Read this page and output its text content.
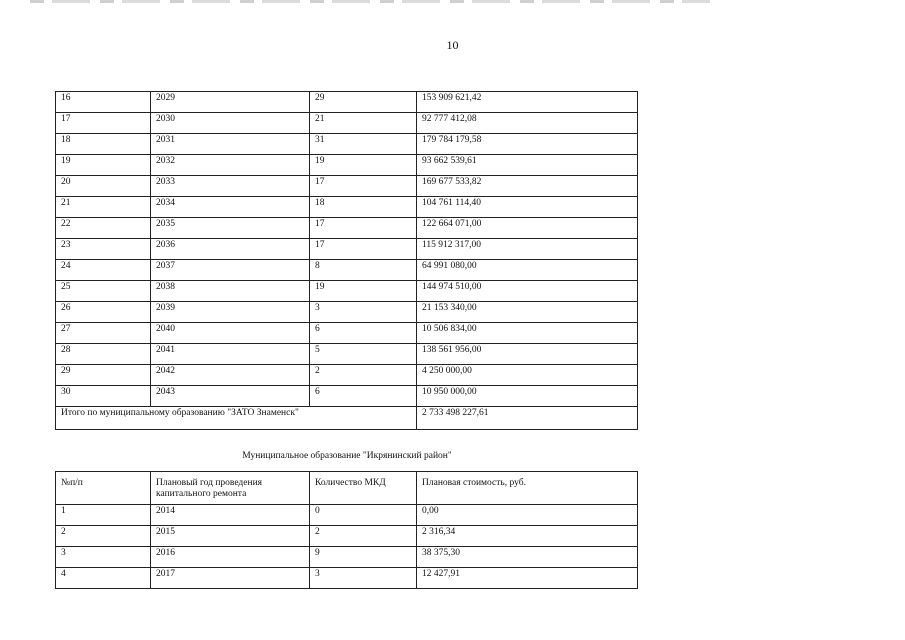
10
16	2029	29	153 909 621,42
17	2030	21	92 777 412,08
18	2031	31	179 784 179,58
19	2032	19	93 662 539,61
20	2033	17	169 677 533,82
21	2034	18	104 761 114,40
22	2035	17	122 664 071,00
23	2036	17	115 912 317,00
24	2037	8	64 991 080,00
25	2038	19	144 974 510,00
26	2039	3	21 153 340,00
27	2040	6	10 506 834,00
28	2041	5	138 561 956,00
29	2042	2	4 250 000,00
30	2043	6	10 950 000,00
Итого по муниципальному образованию "ЗАТО Знаменск"			2 733 498 227,61
Муниципальное образование "Икрянинский район"
№п/п	Плановый год проведения капитального ремонта	Количество МКД	Плановая стоимость, руб.
1	2014	0	0,00
2	2015	2	2 316,34
3	2016	9	38 375,30
4	2017	3	12 427,91
